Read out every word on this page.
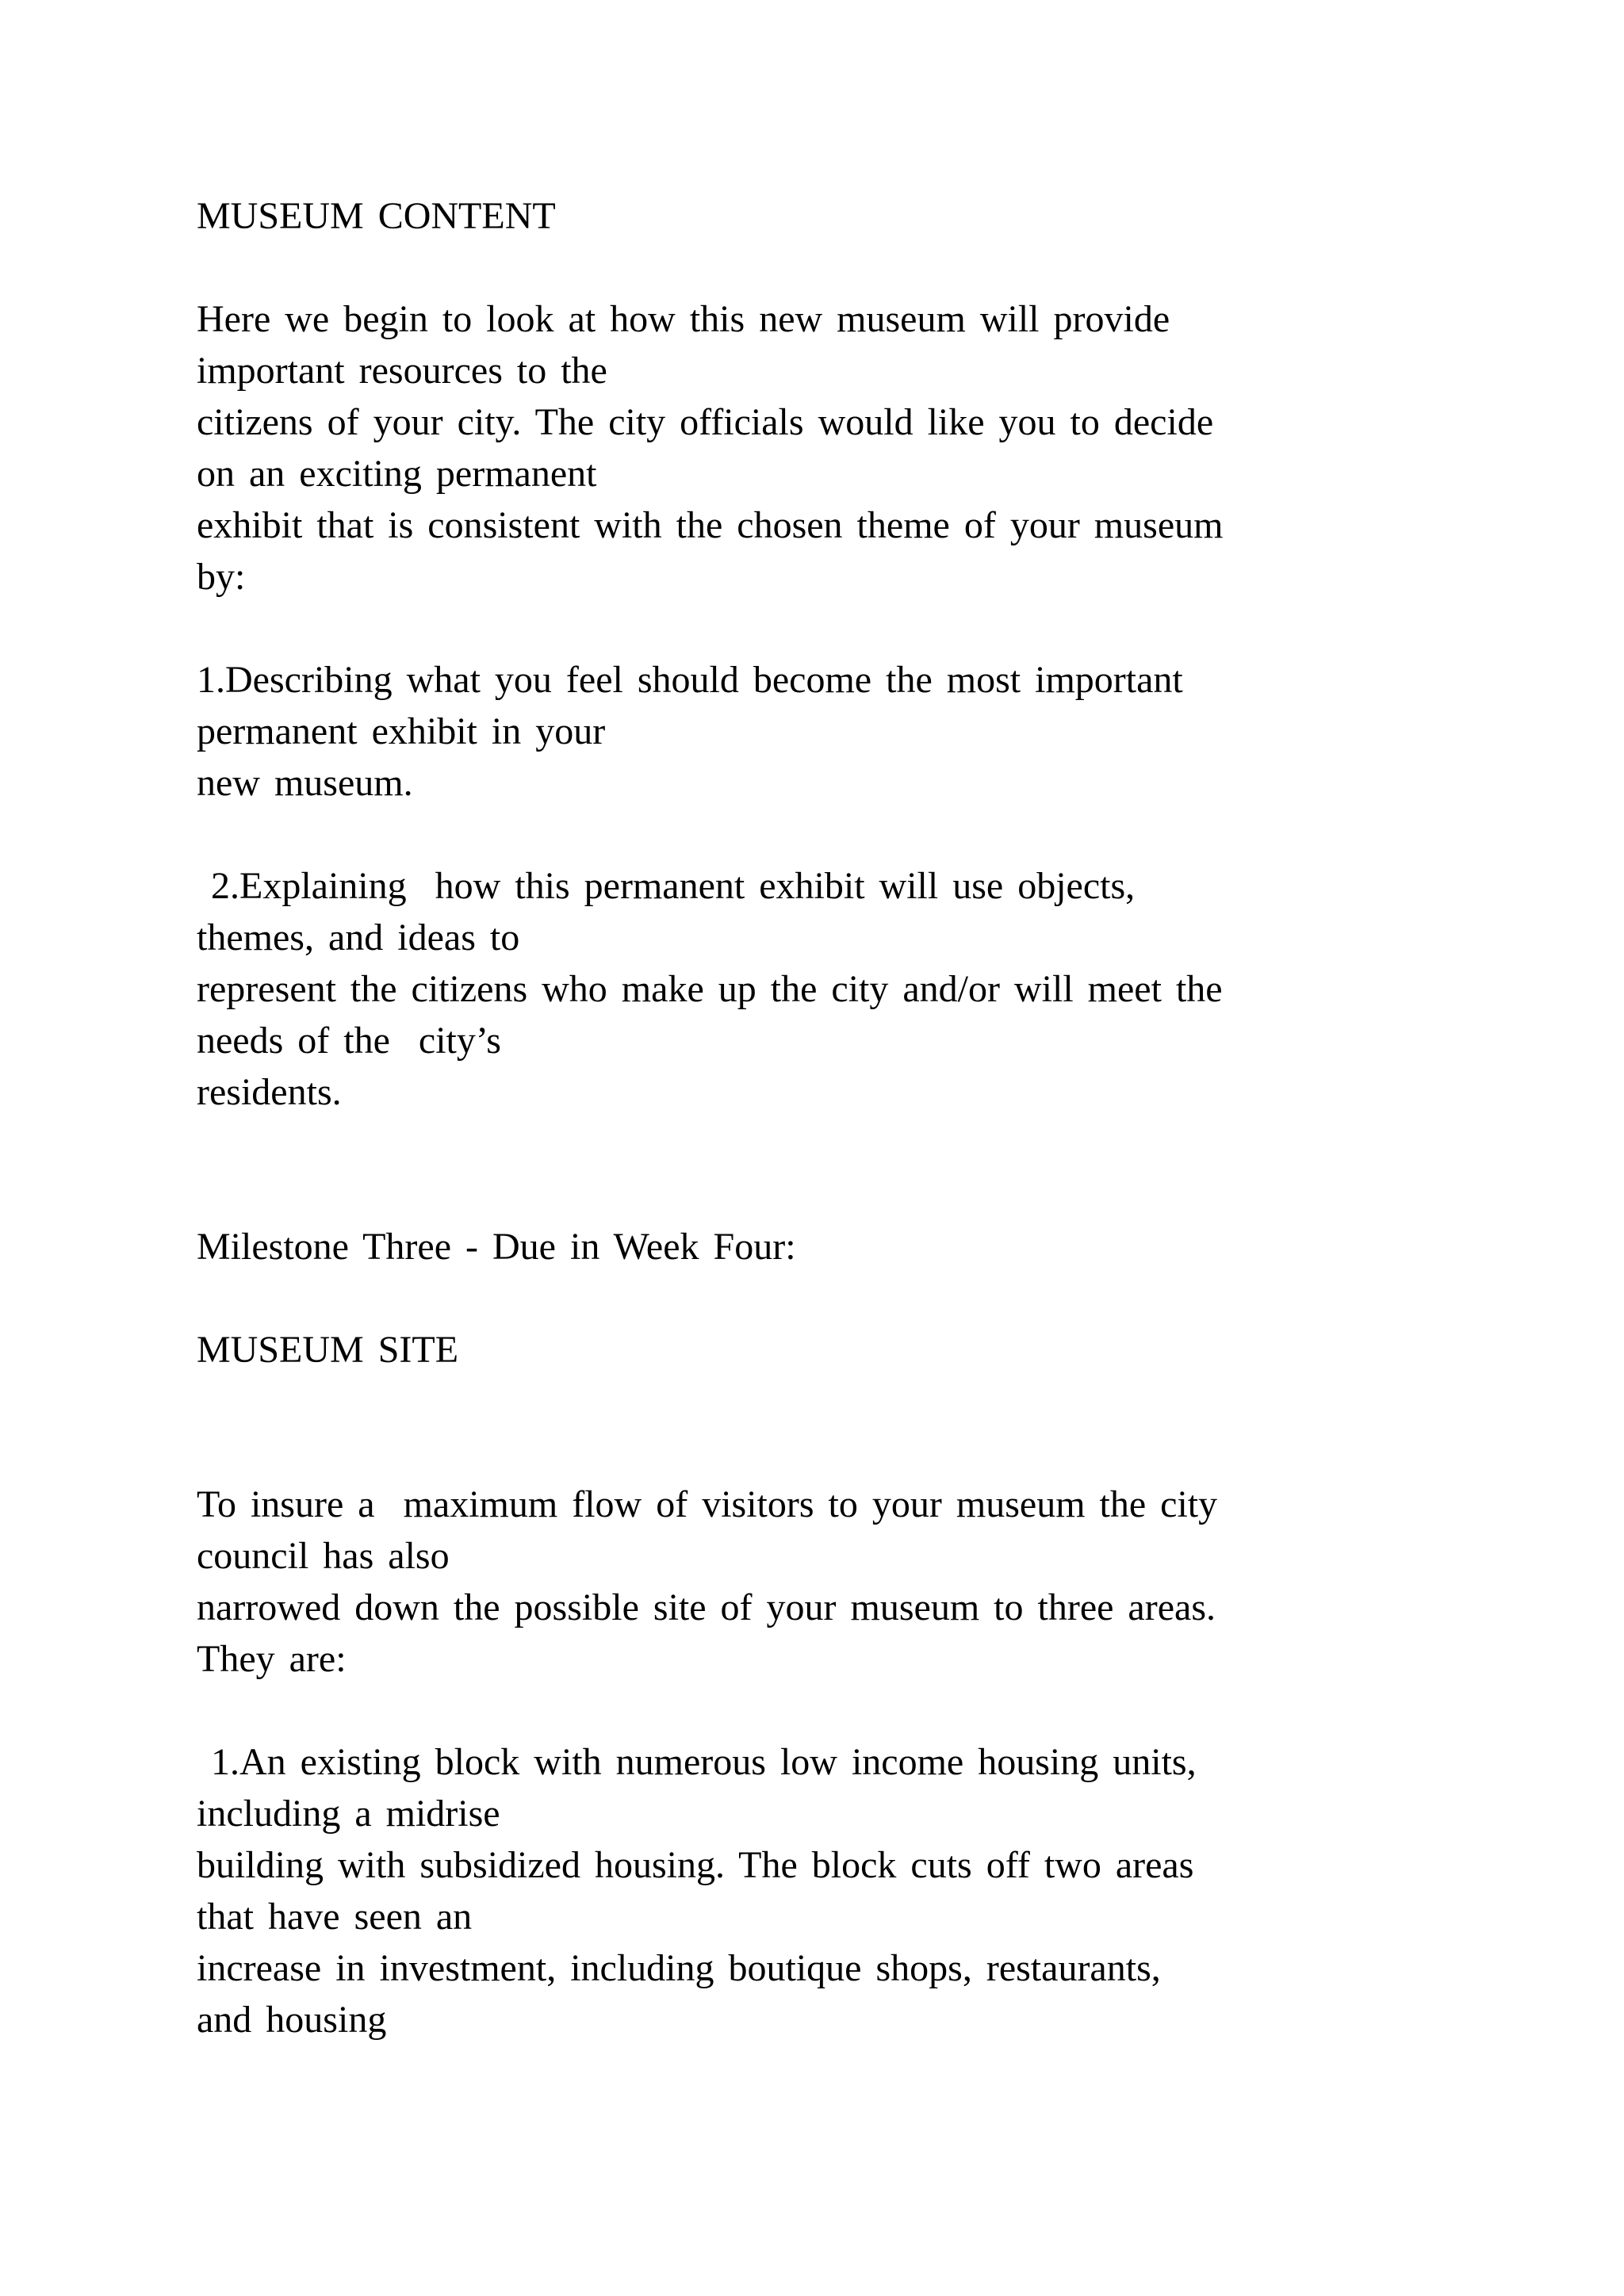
MUSEUM CONTENT
Here we begin to look at how this new museum will provide
important resources to the
citizens of your city. The city officials would like you to decide
on an exciting permanent
exhibit that is consistent with the chosen theme of your museum
by:
1.Describing what you feel should become the most important
permanent exhibit in your
new museum.
2.Explaining  how this permanent exhibit will use objects,
themes, and ideas to
represent the citizens who make up the city and/or will meet the
needs of the  city’s
residents.
Milestone Three - Due in Week Four:
MUSEUM SITE
To insure a  maximum flow of visitors to your museum the city
council has also
narrowed down the possible site of your museum to three areas.
They are:
1.An existing block with numerous low income housing units,
including a midrise
building with subsidized housing. The block cuts off two areas
that have seen an
increase in investment, including boutique shops, restaurants,
and housing
